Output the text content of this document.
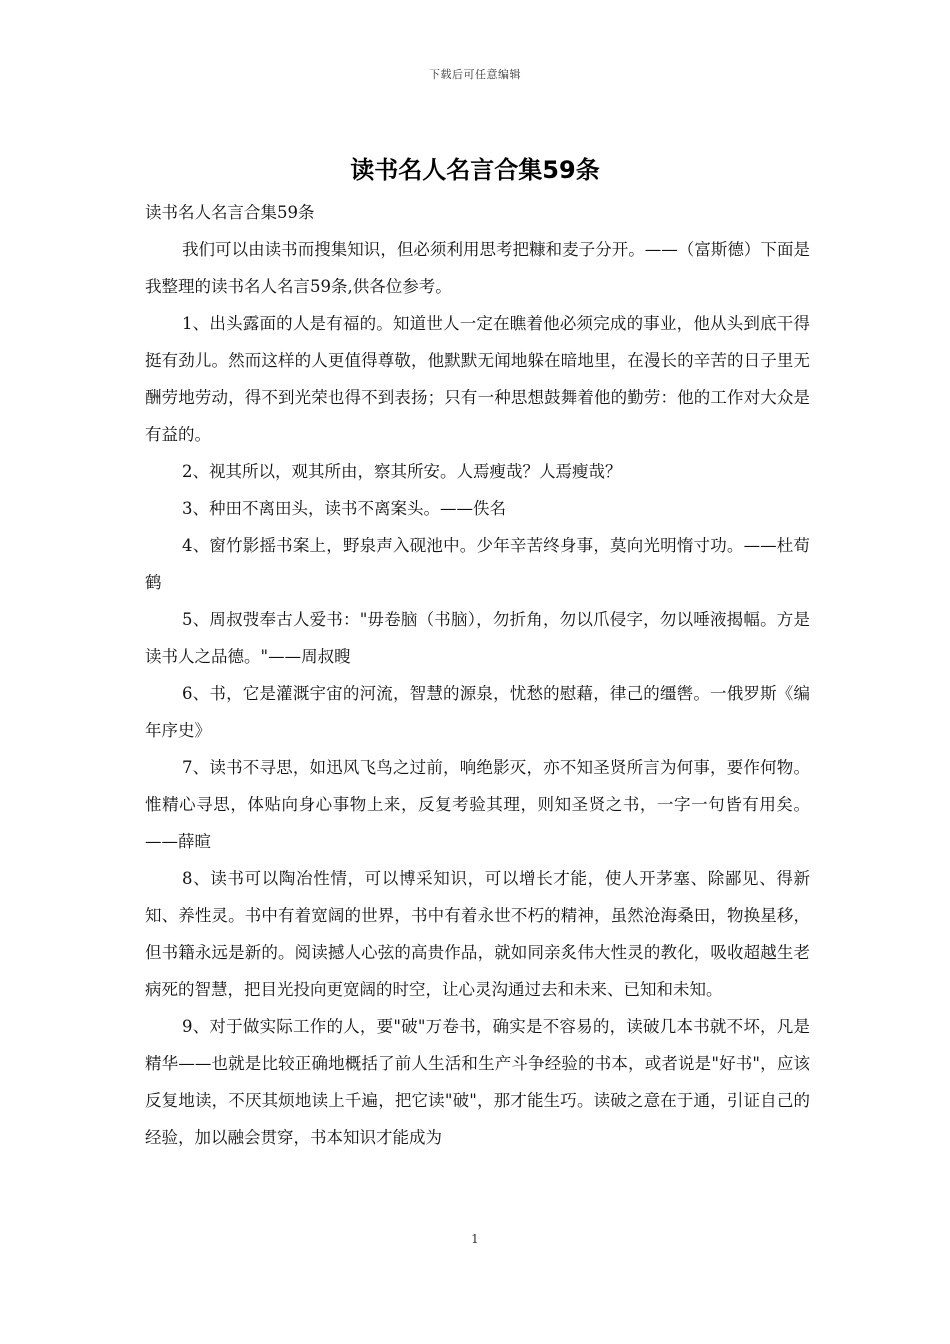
下载后可任意编辑
读书名人名言合集59条

读书名人名言合集59条

我们可以由读书而搜集知识，但必须利用思考把糠和麦子分开。——（富斯德）下面是我整理的读书名人名言59条,供各位参考。

1、出头露面的人是有福的。知道世人一定在瞧着他必须完成的事业，他从头到底干得挺有劲儿。然而这样的人更值得尊敬，他默默无闻地躲在暗地里，在漫长的辛苦的日子里无酬劳地劳动，得不到光荣也得不到表扬；只有一种思想鼓舞着他的勤劳：他的工作对大众是有益的。

2、视其所以，观其所由，察其所安。人焉瘦哉？人焉瘦哉？

3、种田不离田头，读书不离案头。——佚名

4、窗竹影摇书案上，野泉声入砚池中。少年辛苦终身事，莫向光明惰寸功。——杜荀鹤

5、周叔弢奉古人爱书："毋卷脑（书脑），勿折角，勿以爪侵字，勿以唾液揭幅。方是读书人之品德。"——周叔瞍

6、书，它是灌溉宇宙的河流，智慧的源泉，忧愁的慰藉，律己的缰辔。一俄罗斯《编年序史》

7、读书不寻思，如迅风飞鸟之过前，响绝影灭，亦不知圣贤所言为何事，要作何物。惟精心寻思，体贴向身心事物上来，反复考验其理，则知圣贤之书，一字一句皆有用矣。——薛暄

8、读书可以陶冶性情，可以博采知识，可以增长才能，使人开茅塞、除鄙见、得新知、养性灵。书中有着宽阔的世界，书中有着永世不朽的精神，虽然沧海桑田，物换星移，但书籍永远是新的。阅读撼人心弦的高贵作品，就如同亲炙伟大性灵的教化，吸收超越生老病死的智慧，把目光投向更宽阔的时空，让心灵沟通过去和未来、已知和未知。

9、对于做实际工作的人，要"破"万卷书，确实是不容易的，读破几本书就不坏，凡是精华——也就是比较正确地概括了前人生活和生产斗争经验的书本，或者说是"好书"，应该反复地读，不厌其烦地读上千遍，把它读"破"，那才能生巧。读破之意在于通，引证自己的经验，加以融会贯穿，书本知识才能成为

1
